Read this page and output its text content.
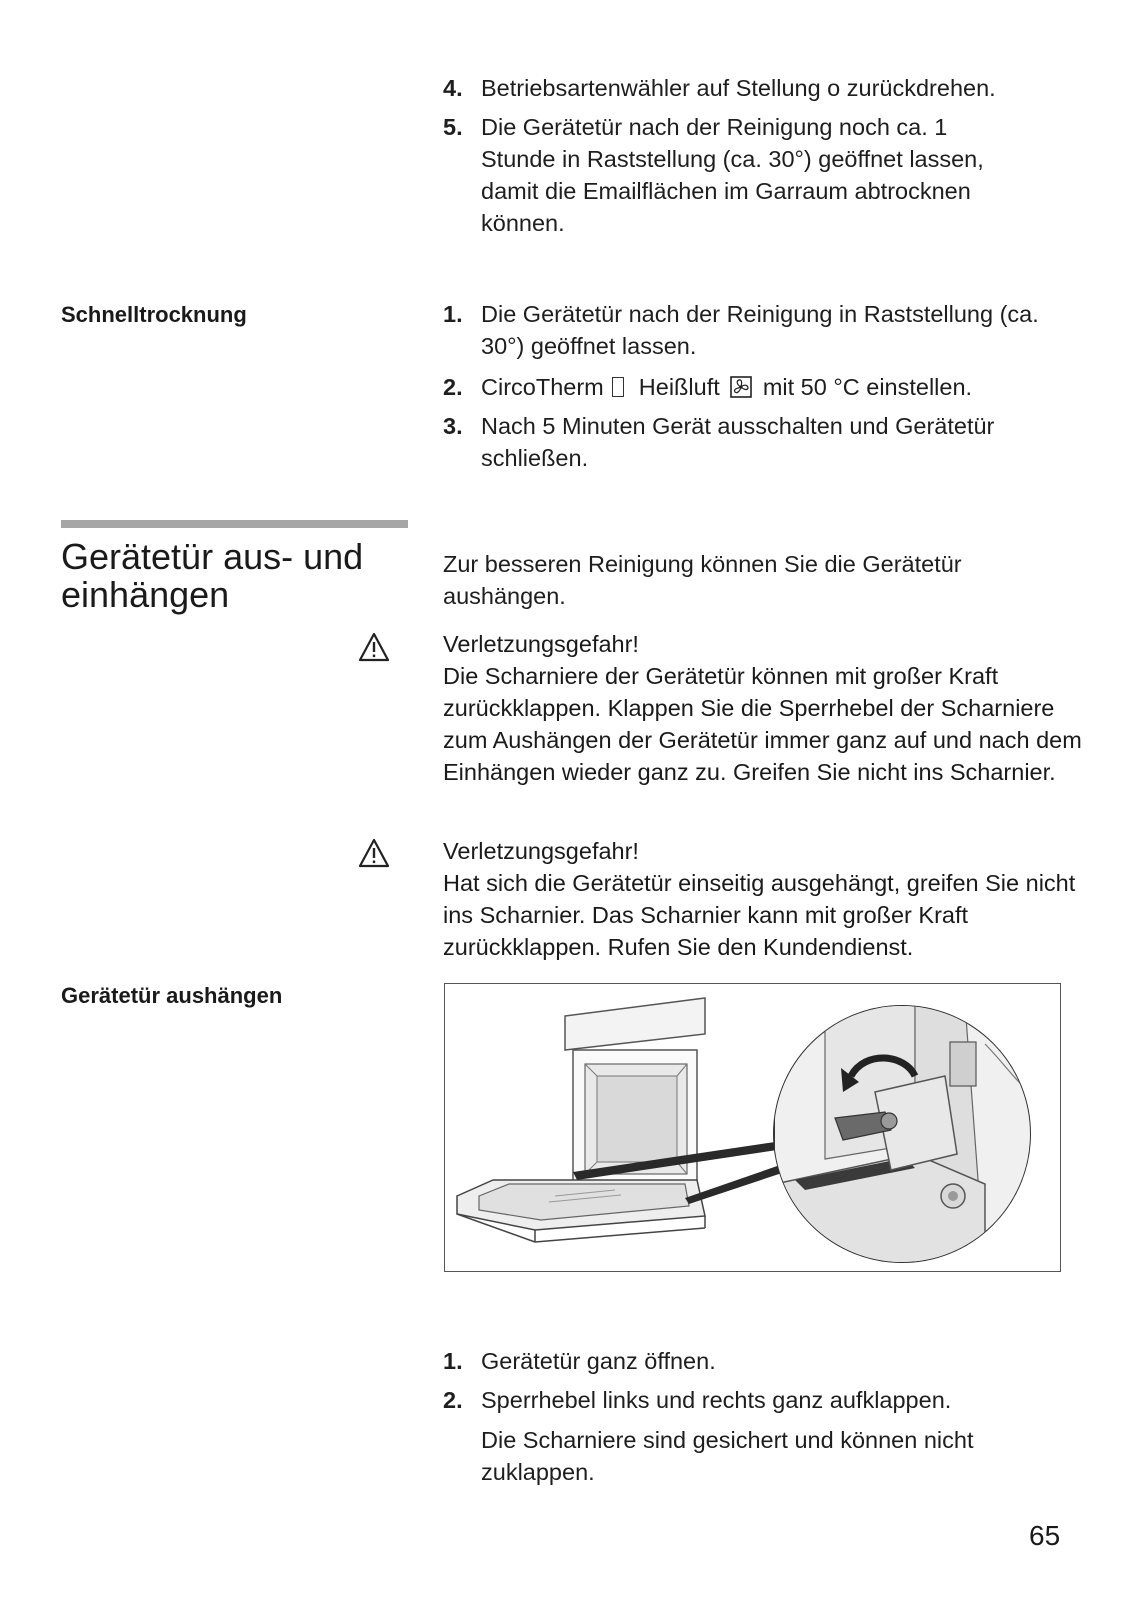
4. Betriebsartenwähler auf Stellung o zurückdrehen.
5. Die Gerätetür nach der Reinigung noch ca. 1 Stunde in Raststellung (ca. 30°) geöffnet lassen, damit die Emailflächen im Garraum abtrocknen können.
Schnelltrocknung	1. Die Gerätetür nach der Reinigung in Raststellung (ca. 30°) geöffnet lassen.
2. CircoTherm Heißluft mit 50 °C einstellen.
3. Nach 5 Minuten Gerät ausschalten und Gerätetür schließen.
Gerätetür aus- und
einhängen
Zur besseren Reinigung können Sie die Gerätetür aushängen.
Verletzungsgefahr!
Die Scharniere der Gerätetür können mit großer Kraft zurückklappen. Klappen Sie die Sperrhebel der Scharniere zum Aushängen der Gerätetür immer ganz auf und nach dem Einhängen wieder ganz zu. Greifen Sie nicht ins Scharnier.
Verletzungsgefahr!
Hat sich die Gerätetür einseitig ausgehängt, greifen Sie nicht ins Scharnier. Das Scharnier kann mit großer Kraft zurückklappen. Rufen Sie den Kundendienst.
Gerätetür aushängen
1. Gerätetür ganz öffnen.
2. Sperrhebel links und rechts ganz aufklappen.
Die Scharniere sind gesichert und können nicht zuklappen.
65
